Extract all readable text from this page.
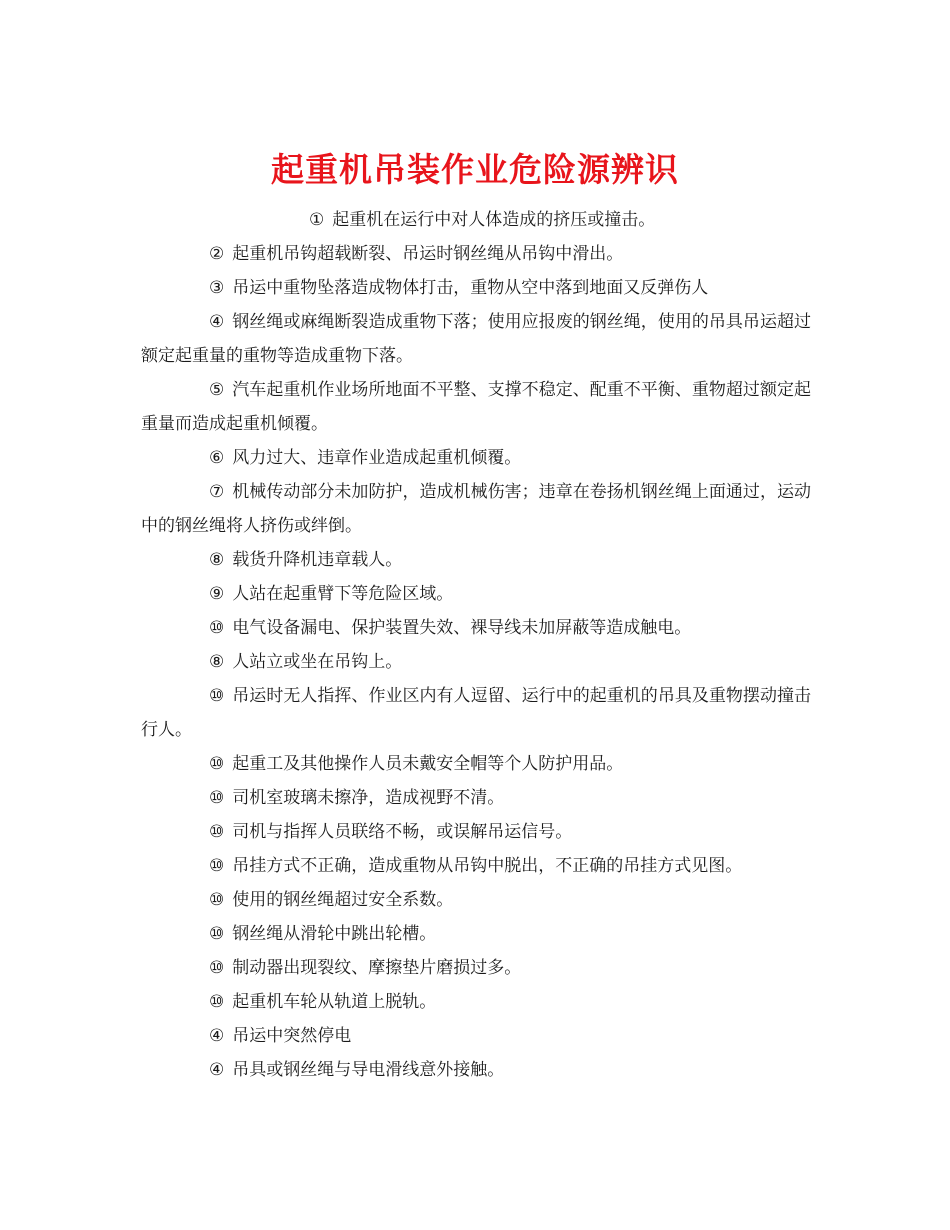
起重机吊装作业危险源辨识

① 起重机在运行中对人体造成的挤压或撞击。

② 起重机吊钩超载断裂、吊运时钢丝绳从吊钩中滑出。

③ 吊运中重物坠落造成物体打击，重物从空中落到地面又反弹伤人

④ 钢丝绳或麻绳断裂造成重物下落；使用应报废的钢丝绳，使用的吊具吊运超过额定起重量的重物等造成重物下落。

⑤ 汽车起重机作业场所地面不平整、支撑不稳定、配重不平衡、重物超过额定起重量而造成起重机倾覆。

⑥ 风力过大、违章作业造成起重机倾覆。

⑦ 机械传动部分未加防护，造成机械伤害；违章在卷扬机钢丝绳上面通过，运动中的钢丝绳将人挤伤或绊倒。

⑧ 载货升降机违章载人。

⑨ 人站在起重臂下等危险区域。

⑩ 电气设备漏电、保护装置失效、裸导线未加屏蔽等造成触电。

⑧ 人站立或坐在吊钩上。

⑩ 吊运时无人指挥、作业区内有人逗留、运行中的起重机的吊具及重物摆动撞击行人。

⑩ 起重工及其他操作人员未戴安全帽等个人防护用品。

⑩ 司机室玻璃未擦净，造成视野不清。

⑩ 司机与指挥人员联络不畅，或误解吊运信号。

⑩ 吊挂方式不正确，造成重物从吊钩中脱出，不正确的吊挂方式见图。

⑩ 使用的钢丝绳超过安全系数。

⑩ 钢丝绳从滑轮中跳出轮槽。

⑩ 制动器出现裂纹、摩擦垫片磨损过多。

⑩ 起重机车轮从轨道上脱轨。

④ 吊运中突然停电

④ 吊具或钢丝绳与导电滑线意外接触。
